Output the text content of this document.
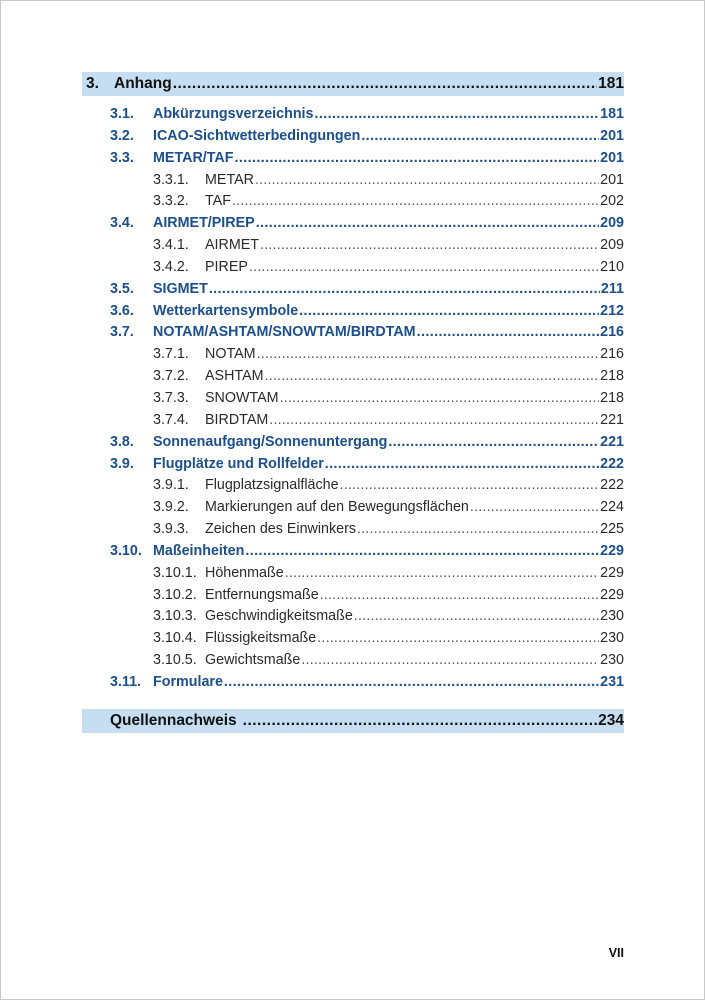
3. Anhang .....	181
3.1.	Abkürzungsverzeichnis .....	181
3.2.	ICAO-Sichtwetterbedingungen .....	201
3.3.	METAR/TAF .....	201
3.3.1.	METAR .....	201
3.3.2.	TAF .....	202
3.4.	AIRMET/PIREP .....	209
3.4.1.	AIRMET .....	209
3.4.2.	PIREP .....	210
3.5.	SIGMET .....	211
3.6.	Wetterkartensymbole .....	212
3.7.	NOTAM/ASHTAM/SNOWTAM/BIRDTAM .....	216
3.7.1.	NOTAM .....	216
3.7.2.	ASHTAM .....	218
3.7.3.	SNOWTAM .....	218
3.7.4.	BIRDTAM .....	221
3.8.	Sonnenaufgang/Sonnenuntergang .....	221
3.9.	Flugplätze und Rollfelder .....	222
3.9.1.	Flugplatzsignalfläche .....	222
3.9.2.	Markierungen auf den Bewegungsflächen .....	224
3.9.3.	Zeichen des Einwinkers .....	225
3.10. Maßeinheiten .....	229
3.10.1. Höhenmaße .....	229
3.10.2. Entfernungsmaße .....	229
3.10.3. Geschwindigkeitsmaße .....	230
3.10.4. Flüssigkeitsmaße .....	230
3.10.5. Gewichtsmaße .....	230
3.11. Formulare .....	231
Quellennachweis .....	234
VII
